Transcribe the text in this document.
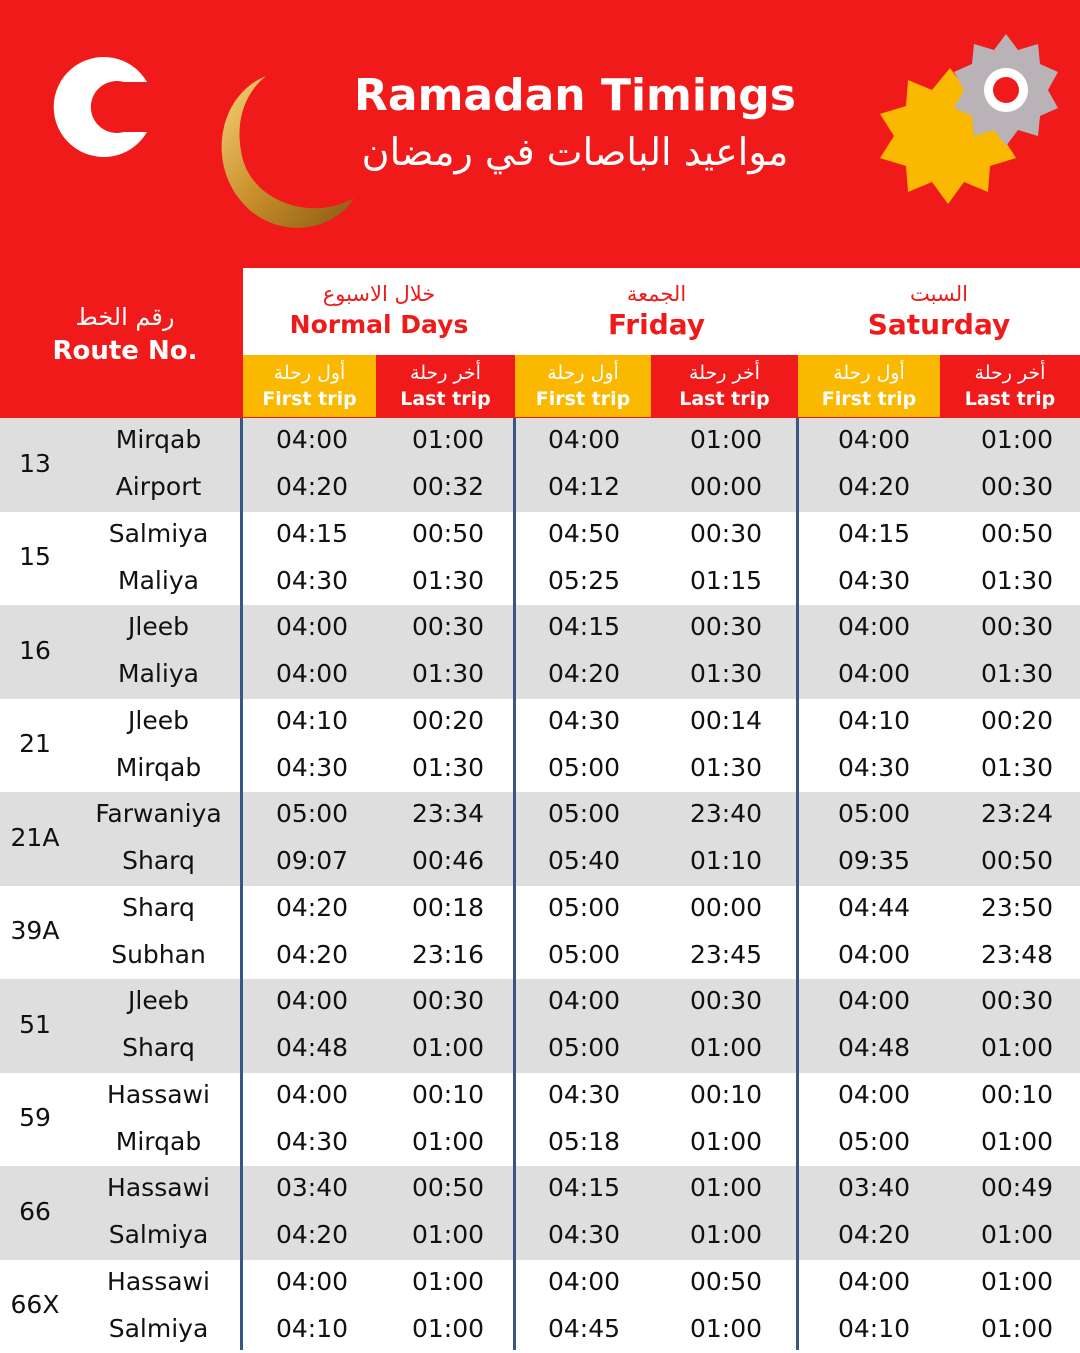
Ramadan Timings
مواعيد الباصات في رمضان
رقم الخط
Route No.
خلال الاسبوع
Normal Days
الجمعة
Friday
السبت
Saturday
أول رحلة
First trip
أخر رحلة
Last trip
أول رحلة
First trip
أخر رحلة
Last trip
أول رحلة
First trip
أخر رحلة
Last trip
13
Mirqab	04:00	01:00	04:00	01:00	04:00	01:00
Airport	04:20	00:32	04:12	00:00	04:20	00:30
15
Salmiya	04:15	00:50	04:50	00:30	04:15	00:50
Maliya	04:30	01:30	05:25	01:15	04:30	01:30
16
Jleeb	04:00	00:30	04:15	00:30	04:00	00:30
Maliya	04:00	01:30	04:20	01:30	04:00	01:30
21
Jleeb	04:10	00:20	04:30	00:14	04:10	00:20
Mirqab	04:30	01:30	05:00	01:30	04:30	01:30
21A
Farwaniya	05:00	23:34	05:00	23:40	05:00	23:24
Sharq	09:07	00:46	05:40	01:10	09:35	00:50
39A
Sharq	04:20	00:18	05:00	00:00	04:44	23:50
Subhan	04:20	23:16	05:00	23:45	04:00	23:48
51
Jleeb	04:00	00:30	04:00	00:30	04:00	00:30
Sharq	04:48	01:00	05:00	01:00	04:48	01:00
59
Hassawi	04:00	00:10	04:30	00:10	04:00	00:10
Mirqab	04:30	01:00	05:18	01:00	05:00	01:00
66
Hassawi	03:40	00:50	04:15	01:00	03:40	00:49
Salmiya	04:20	01:00	04:30	01:00	04:20	01:00
66X
Hassawi	04:00	01:00	04:00	00:50	04:00	01:00
Salmiya	04:10	01:00	04:45	01:00	04:10	01:00
